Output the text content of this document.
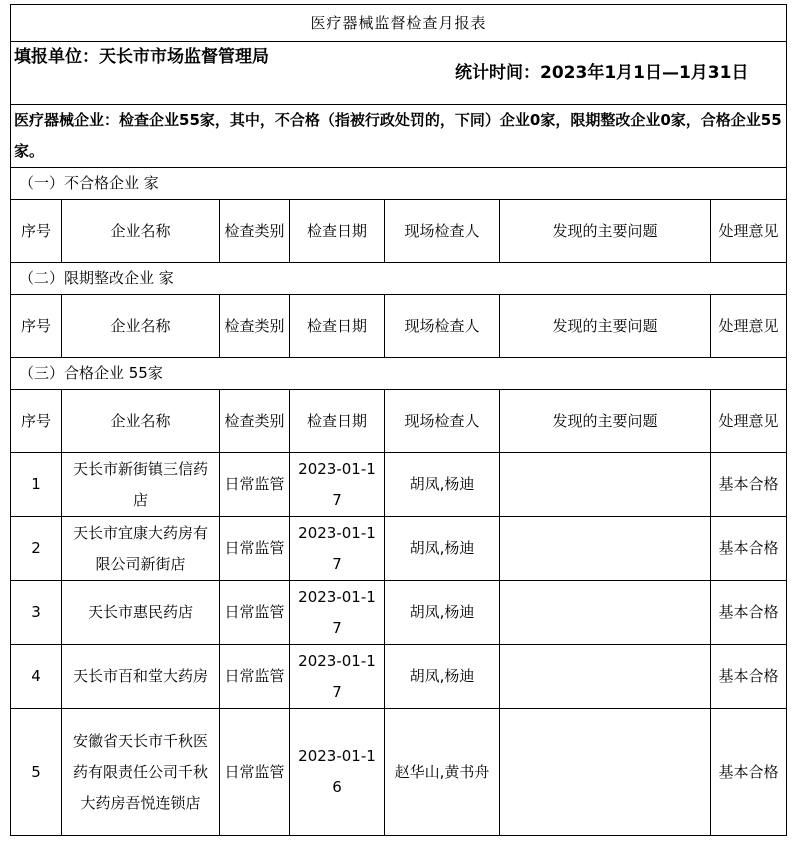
医疗器械监督检查月报表						

填报单位：天长市市场监督管理局
统计时间：2023年1月1日—1月31日						

医疗器械企业：检查企业55家，其中，不合格（指被行政处罚的，下同）企业0家，限期整改企业0家，合格企业55家。						
（一）不合格企业 家						
序号	企业名称	检查类别	检查日期	现场检查人	发现的主要问题	处理意见
（二）限期整改企业 家						
序号	企业名称	检查类别	检查日期	现场检查人	发现的主要问题	处理意见
（三）合格企业 55家						
序号	企业名称	检查类别	检查日期	现场检查人	发现的主要问题	处理意见
1	天长市新街镇三信药店	日常监管	2023-01-17	胡凤,杨迪		基本合格
2	天长市宜康大药房有限公司新街店	日常监管	2023-01-17	胡凤,杨迪		基本合格
3	天长市惠民药店	日常监管	2023-01-17	胡凤,杨迪		基本合格
4	天长市百和堂大药房	日常监管	2023-01-17	胡凤,杨迪		基本合格
5	安徽省天长市千秋医药有限责任公司千秋大药房吾悦连锁店	日常监管	2023-01-16	赵华山,黄书舟		基本合格
